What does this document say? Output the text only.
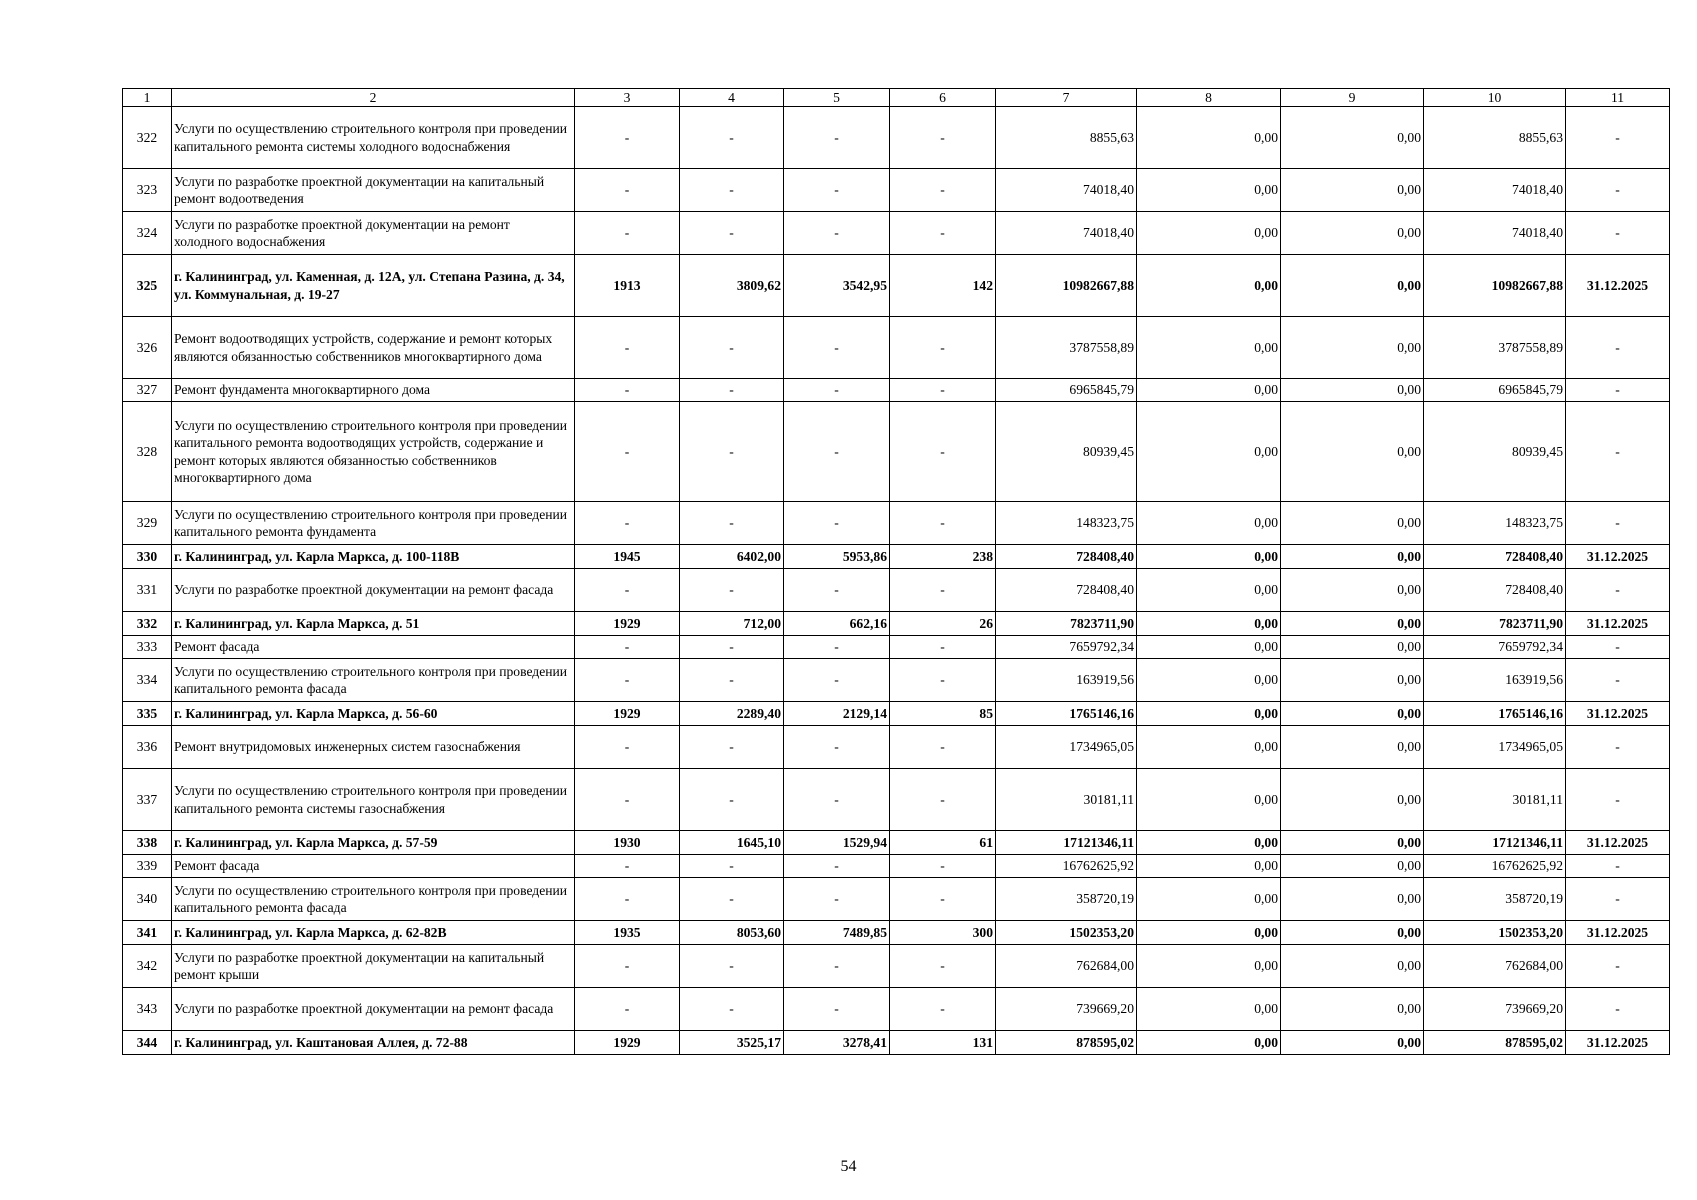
1	2	3	4	5	6	7	8	9	10	11
322	Услуги по осуществлению строительного контроля при проведении капитального ремонта системы холодного водоснабжения	-	-	-	-	8855,63	0,00	0,00	8855,63	-
323	Услуги по разработке проектной документации на капитальный ремонт водоотведения	-	-	-	-	74018,40	0,00	0,00	74018,40	-
324	Услуги по разработке проектной документации на ремонт холодного водоснабжения	-	-	-	-	74018,40	0,00	0,00	74018,40	-
325	г. Калининград, ул. Каменная, д. 12А, ул. Степана Разина, д. 34, ул. Коммунальная, д. 19-27	1913	3809,62	3542,95	142	10982667,88	0,00	0,00	10982667,88	31.12.2025
326	Ремонт водоотводящих устройств, содержание и ремонт которых являются обязанностью собственников многоквартирного дома	-	-	-	-	3787558,89	0,00	0,00	3787558,89	-
327	Ремонт фундамента многоквартирного дома	-	-	-	-	6965845,79	0,00	0,00	6965845,79	-
328	Услуги по осуществлению строительного контроля при проведении капитального ремонта водоотводящих устройств, содержание и ремонт которых являются обязанностью собственников многоквартирного дома	-	-	-	-	80939,45	0,00	0,00	80939,45	-
329	Услуги по осуществлению строительного контроля при проведении капитального ремонта фундамента	-	-	-	-	148323,75	0,00	0,00	148323,75	-
330	г. Калининград, ул. Карла Маркса, д. 100-118В	1945	6402,00	5953,86	238	728408,40	0,00	0,00	728408,40	31.12.2025
331	Услуги по разработке проектной документации на ремонт фасада	-	-	-	-	728408,40	0,00	0,00	728408,40	-
332	г. Калининград, ул. Карла Маркса, д. 51	1929	712,00	662,16	26	7823711,90	0,00	0,00	7823711,90	31.12.2025
333	Ремонт фасада	-	-	-	-	7659792,34	0,00	0,00	7659792,34	-
334	Услуги по осуществлению строительного контроля при проведении капитального ремонта фасада	-	-	-	-	163919,56	0,00	0,00	163919,56	-
335	г. Калининград, ул. Карла Маркса, д. 56-60	1929	2289,40	2129,14	85	1765146,16	0,00	0,00	1765146,16	31.12.2025
336	Ремонт внутридомовых инженерных систем газоснабжения	-	-	-	-	1734965,05	0,00	0,00	1734965,05	-
337	Услуги по осуществлению строительного контроля при проведении капитального ремонта системы газоснабжения	-	-	-	-	30181,11	0,00	0,00	30181,11	-
338	г. Калининград, ул. Карла Маркса, д. 57-59	1930	1645,10	1529,94	61	17121346,11	0,00	0,00	17121346,11	31.12.2025
339	Ремонт фасада	-	-	-	-	16762625,92	0,00	0,00	16762625,92	-
340	Услуги по осуществлению строительного контроля при проведении капитального ремонта фасада	-	-	-	-	358720,19	0,00	0,00	358720,19	-
341	г. Калининград, ул. Карла Маркса, д. 62-82В	1935	8053,60	7489,85	300	1502353,20	0,00	0,00	1502353,20	31.12.2025
342	Услуги по разработке проектной документации на капитальный ремонт крыши	-	-	-	-	762684,00	0,00	0,00	762684,00	-
343	Услуги по разработке проектной документации на ремонт фасада	-	-	-	-	739669,20	0,00	0,00	739669,20	-
344	г. Калининград, ул. Каштановая Аллея, д. 72-88	1929	3525,17	3278,41	131	878595,02	0,00	0,00	878595,02	31.12.2025
54
